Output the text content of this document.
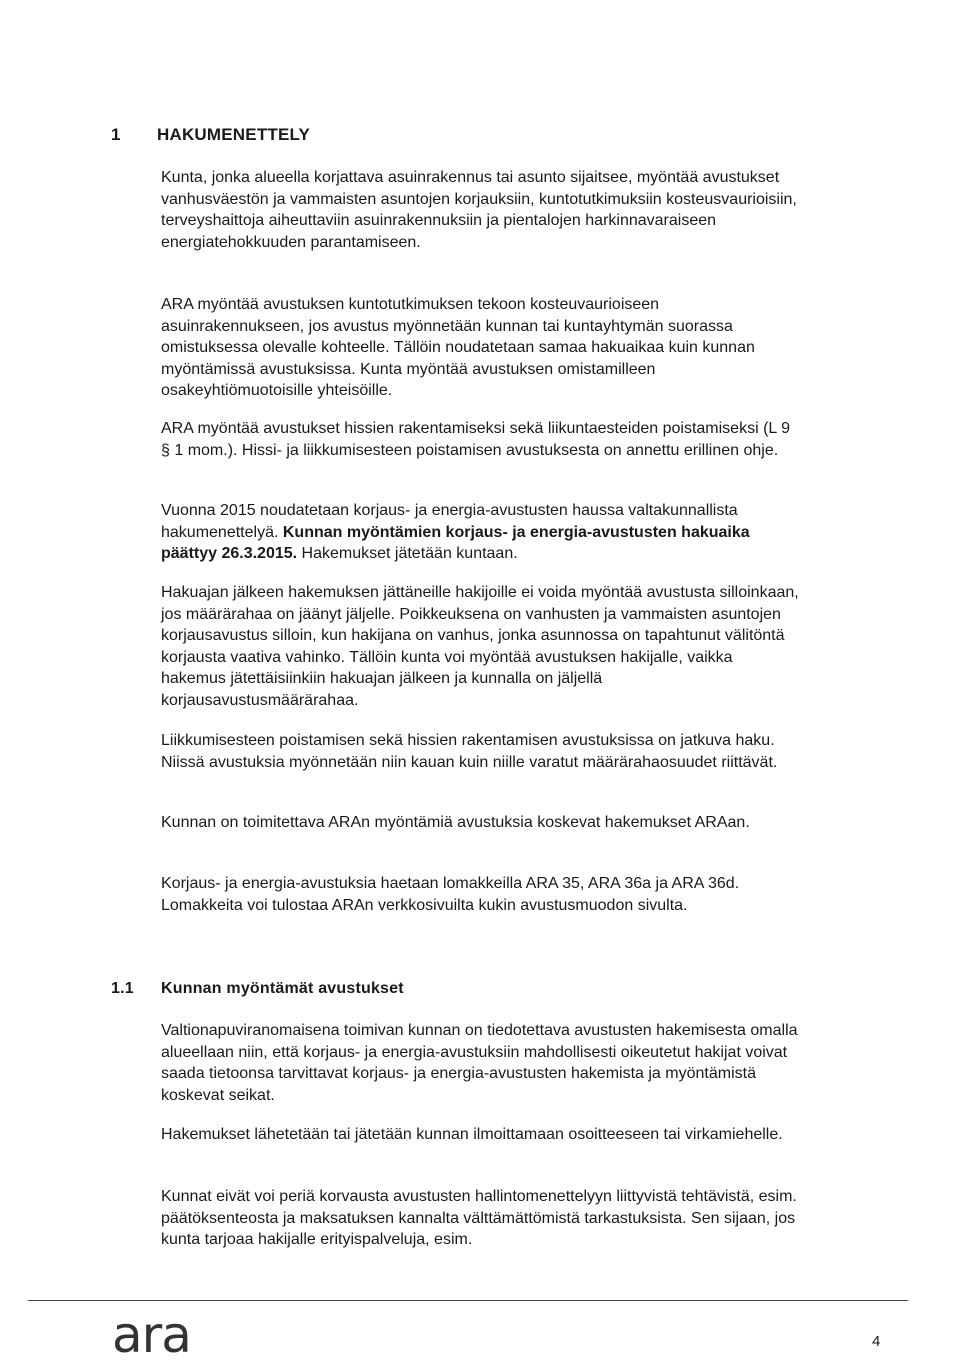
1 HAKUMENETTELY

Kunta, jonka alueella korjattava asuinrakennus tai asunto sijaitsee, myöntää avustukset vanhusväestön ja vammaisten asuntojen korjauksiin, kuntotutkimuksiin kosteusvaurioisiin, terveyshaittoja aiheuttaviin asuinrakennuksiin ja pientalojen harkinnavaraiseen energiatehokkuuden parantamiseen.

ARA myöntää avustuksen kuntotutkimuksen tekoon kosteuvaurioiseen asuinrakennukseen, jos avustus myönnetään kunnan tai kuntayhtymän suorassa omistuksessa olevalle kohteelle. Tällöin noudatetaan samaa hakuaikaa kuin kunnan myöntämissä avustuksissa. Kunta myöntää avustuksen omistamilleen osakeyhtiömuotoisille yhteisöille.

ARA myöntää avustukset hissien rakentamiseksi sekä liikuntaesteiden poistamiseksi (L 9 § 1 mom.). Hissi- ja liikkumisesteen poistamisen avustuksesta on annettu erillinen ohje.

Vuonna 2015 noudatetaan korjaus- ja energia-avustusten haussa valtakunnallista hakumenettelyä. Kunnan myöntämien korjaus- ja energia-avustusten hakuaika päättyy 26.3.2015. Hakemukset jätetään kuntaan.

Hakuajan jälkeen hakemuksen jättäneille hakijoille ei voida myöntää avustusta silloinkaan, jos määrärahaa on jäänyt jäljelle. Poikkeuksena on vanhusten ja vammaisten asuntojen korjausavustus silloin, kun hakijana on vanhus, jonka asunnossa on tapahtunut välitöntä korjausta vaativa vahinko. Tällöin kunta voi myöntää avustuksen hakijalle, vaikka hakemus jätettäisiinkiin hakuajan jälkeen ja kunnalla on jäljellä korjausavustusmäärärahaa.

Liikkumisesteen poistamisen sekä hissien rakentamisen avustuksissa on jatkuva haku. Niissä avustuksia myönnetään niin kauan kuin niille varatut määrärahaosuudet riittävät.

Kunnan on toimitettava ARAn myöntämiä avustuksia koskevat hakemukset ARAan.

Korjaus- ja energia-avustuksia haetaan lomakkeilla ARA 35, ARA 36a ja ARA 36d. Lomakkeita voi tulostaa ARAn verkkosivuilta kukin avustusmuodon sivulta.

1.1 Kunnan myöntämät avustukset

Valtionapuviranomaisena toimivan kunnan on tiedotettava avustusten hakemisesta omalla alueellaan niin, että korjaus- ja energia-avustuksiin mahdollisesti oikeutetut hakijat voivat saada tietoonsa tarvittavat korjaus- ja energia-avustusten hakemista ja myöntämistä koskevat seikat.

Hakemukset lähetetään tai jätetään kunnan ilmoittamaan osoitteeseen tai virkamiehelle.

Kunnat eivät voi periä korvausta avustusten hallintomenettelyyn liittyvistä tehtävistä, esim. päätöksenteosta ja maksatuksen kannalta välttämättömistä tarkastuksista. Sen sijaan, jos kunta tarjoaa hakijalle erityispalveluja, esim.

ara	4
